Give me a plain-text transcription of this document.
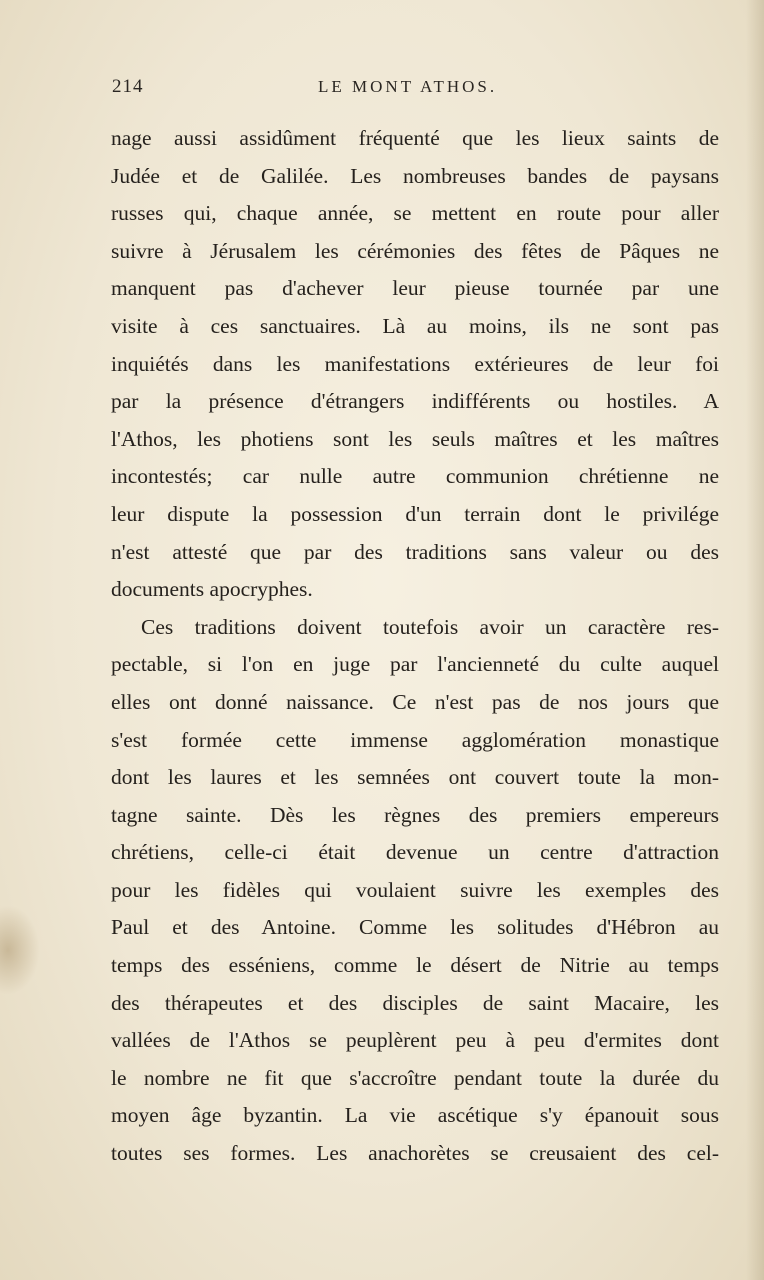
214	LE MONT ATHOS.
nage aussi assidûment fréquenté que les lieux saints de
Judée et de Galilée. Les nombreuses bandes de paysans
russes qui, chaque année, se mettent en route pour aller
suivre à Jérusalem les cérémonies des fêtes de Pâques ne
manquent pas d'achever leur pieuse tournée par une
visite à ces sanctuaires. Là au moins, ils ne sont pas
inquiétés dans les manifestations extérieures de leur foi
par la présence d'étrangers indifférents ou hostiles. A
l'Athos, les photiens sont les seuls maîtres et les maîtres
incontestés; car nulle autre communion chrétienne ne
leur dispute la possession d'un terrain dont le privilége
n'est attesté que par des traditions sans valeur ou des
documents apocryphes.
Ces traditions doivent toutefois avoir un caractère res-
pectable, si l'on en juge par l'ancienneté du culte auquel
elles ont donné naissance. Ce n'est pas de nos jours que
s'est formée cette immense agglomération monastique
dont les laures et les semnées ont couvert toute la mon-
tagne sainte. Dès les règnes des premiers empereurs
chrétiens, celle-ci était devenue un centre d'attraction
pour les fidèles qui voulaient suivre les exemples des
Paul et des Antoine. Comme les solitudes d'Hébron au
temps des esséniens, comme le désert de Nitrie au temps
des thérapeutes et des disciples de saint Macaire, les
vallées de l'Athos se peuplèrent peu à peu d'ermites dont
le nombre ne fit que s'accroître pendant toute la durée du
moyen âge byzantin. La vie ascétique s'y épanouit sous
toutes ses formes. Les anachorètes se creusaient des cel-
